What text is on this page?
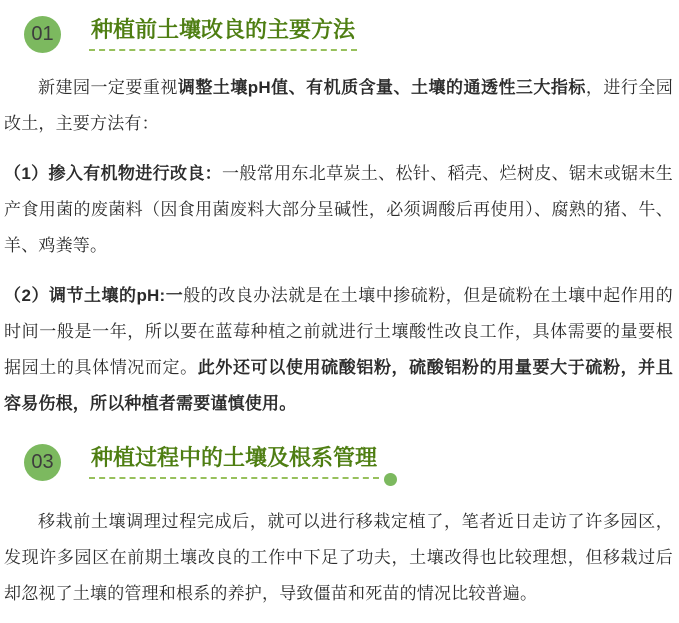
01	种植前土壤改良的主要方法

新建园一定要重视调整土壤pH值、有机质含量、土壤的通透性三大指标，进行全园改土，主要方法有：

（1）掺入有机物进行改良：一般常用东北草炭土、松针、稻壳、烂树皮、锯末或锯末生产食用菌的废菌料（因食用菌废料大部分呈碱性，必须调酸后再使用）、腐熟的猪、牛、羊、鸡粪等。

（2）调节土壤的pH:一般的改良办法就是在土壤中掺硫粉，但是硫粉在土壤中起作用的时间一般是一年，所以要在蓝莓种植之前就进行土壤酸性改良工作，具体需要的量要根据园土的具体情况而定。此外还可以使用硫酸铝粉，硫酸铝粉的用量要大于硫粉，并且容易伤根，所以种植者需要谨慎使用。

03	种植过程中的土壤及根系管理

移栽前土壤调理过程完成后，就可以进行移栽定植了，笔者近日走访了许多园区，发现许多园区在前期土壤改良的工作中下足了功夫，土壤改得也比较理想，但移栽过后却忽视了土壤的管理和根系的养护，导致僵苗和死苗的情况比较普遍。
